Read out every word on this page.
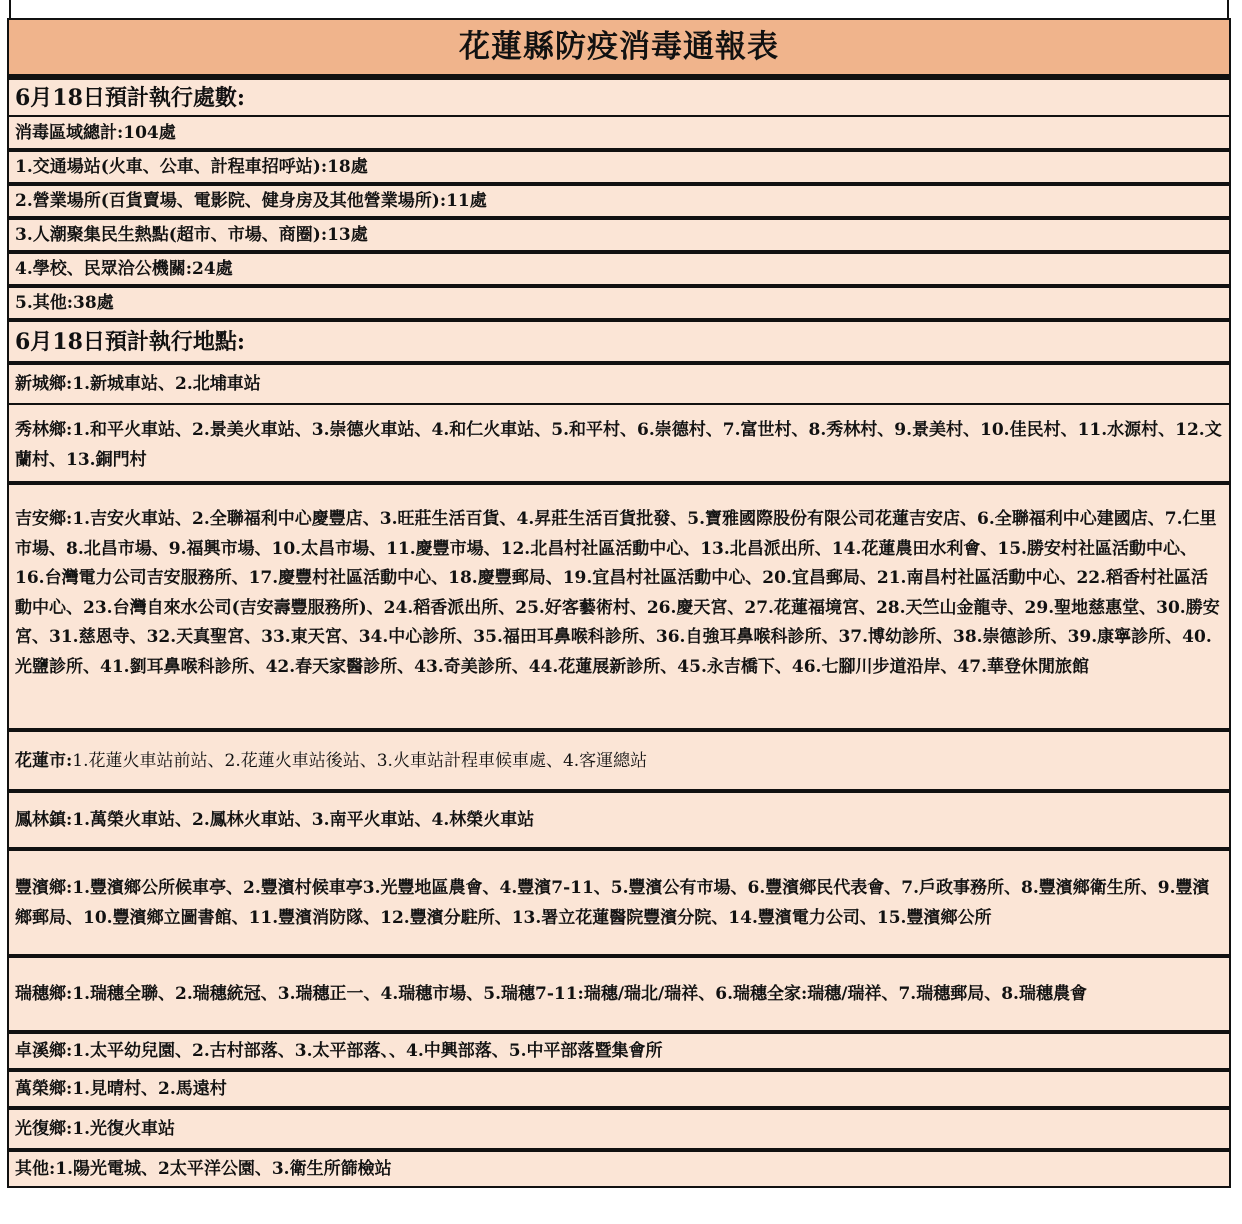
花蓮縣防疫消毒通報表
6月18日預計執行處數:
消毒區域總計:104處
1.交通場站(火車、公車、計程車招呼站):18處
2.營業場所(百貨賣場、電影院、健身房及其他營業場所):11處
3.人潮聚集民生熱點(超市、市場、商圈):13處
4.學校、民眾洽公機關:24處
5.其他:38處
6月18日預計執行地點:
新城鄉: 1.新城車站、2.北埔車站
秀林鄉:1.和平火車站、2.景美火車站、3.崇德火車站、4.和仁火車站、5.和平村、6.崇德村、7.富世村、8.秀林村、9.景美村、10.佳民村、11.水源村、12.文蘭村、13.銅門村
吉安鄉:1.吉安火車站、2.全聯福利中心慶豐店、3.旺莊生活百貨、4.昇莊生活百貨批發、5.寶雅國際股份有限公司花蓮吉安店、6.全聯福利中心建國店、7.仁里市場、8.北昌市場、9.福興市場、10.太昌市場、11.慶豐市場、12.北昌村社區活動中心、13.北昌派出所、14.花蓮農田水利會、15.勝安村社區活動中心、16.台灣電力公司吉安服務所、17.慶豐村社區活動中心、18.慶豐郵局、19.宜昌村社區活動中心、20.宜昌郵局、21.南昌村社區活動中心、22.稻香村社區活動中心、23.台灣自來水公司(吉安壽豐服務所)、24.稻香派出所、25.好客藝術村、26.慶天宮、27.花蓮福境宮、28.天竺山金龍寺、29.聖地慈惠堂、30.勝安宮、31.慈恩寺、32.天真聖宮、33.東天宮、34.中心診所、35.福田耳鼻喉科診所、36.自強耳鼻喉科診所、37.博幼診所、38.崇德診所、39.康寧診所、40.光鹽診所、41.劉耳鼻喉科診所、42.春天家醫診所、43.奇美診所、44.花蓮展新診所、45.永吉橋下、46.七腳川步道沿岸、47.華登休閒旅館
花蓮市: 1.花蓮火車站前站、2.花蓮火車站後站、3.火車站計程車候車處、4.客運總站
鳳林鎮: 1.萬榮火車站、2.鳳林火車站、3.南平火車站、4.林榮火車站
豐濱鄉:1.豐濱鄉公所候車亭、2.豐濱村候車亭3.光豐地區農會、4.豐濱7-11、5.豐濱公有市場、6.豐濱鄉民代表會、7.戶政事務所、8.豐濱鄉衛生所、9.豐濱鄉郵局、10.豐濱鄉立圖書館、11.豐濱消防隊、12.豐濱分駐所、13.署立花蓮醫院豐濱分院、14.豐濱電力公司、15.豐濱鄉公所
瑞穗鄉: 1.瑞穗全聯、2.瑞穗統冠、3.瑞穗正一、4.瑞穗市場、5.瑞穗7-11:瑞穗/瑞北/瑞祥、6.瑞穗全家:瑞穗/瑞祥、7.瑞穗郵局、8.瑞穗農會
卓溪鄉: 1.太平幼兒園、2.古村部落、3.太平部落、、4.中興部落、5.中平部落暨集會所
萬榮鄉: 1.見晴村、2.馬遠村
光復鄉: 1.光復火車站
其他: 1.陽光電城、2太平洋公園、3.衛生所篩檢站
